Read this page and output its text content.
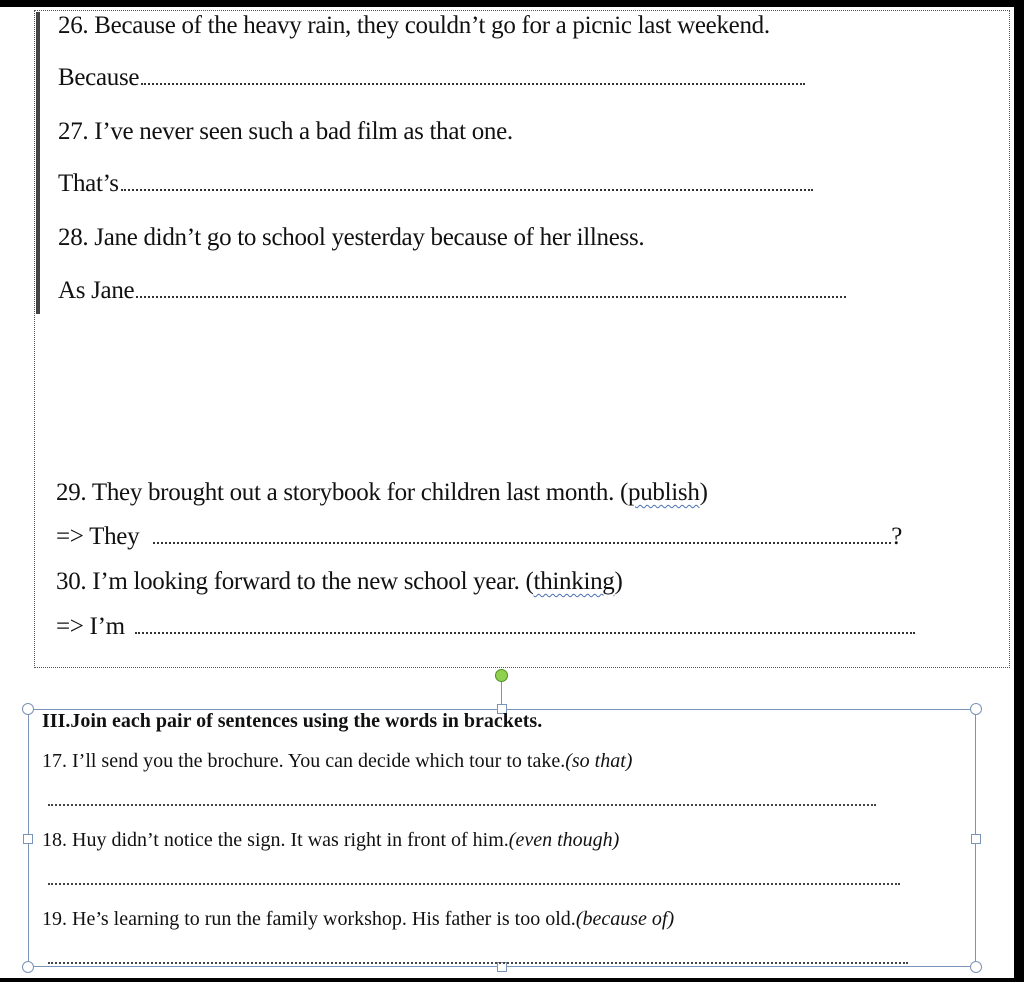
26. Because of the heavy rain, they couldn’t go for a picnic last weekend.
Because
27. I’ve never seen such a bad film as that one.
That’s
28. Jane didn’t go to school yesterday because of her illness.
As Jane
29. They brought out a storybook for children last month. (publish)
=> They	?
30. I’m looking forward to the new school year. (thinking)
=> I’m
III.Join each pair of sentences using the words in brackets.
17. I’ll send you the brochure. You can decide which tour to take.(so that)
18. Huy didn’t notice the sign. It was right in front of him.(even though)
19. He’s learning to run the family workshop. His father is too old.(because of)
